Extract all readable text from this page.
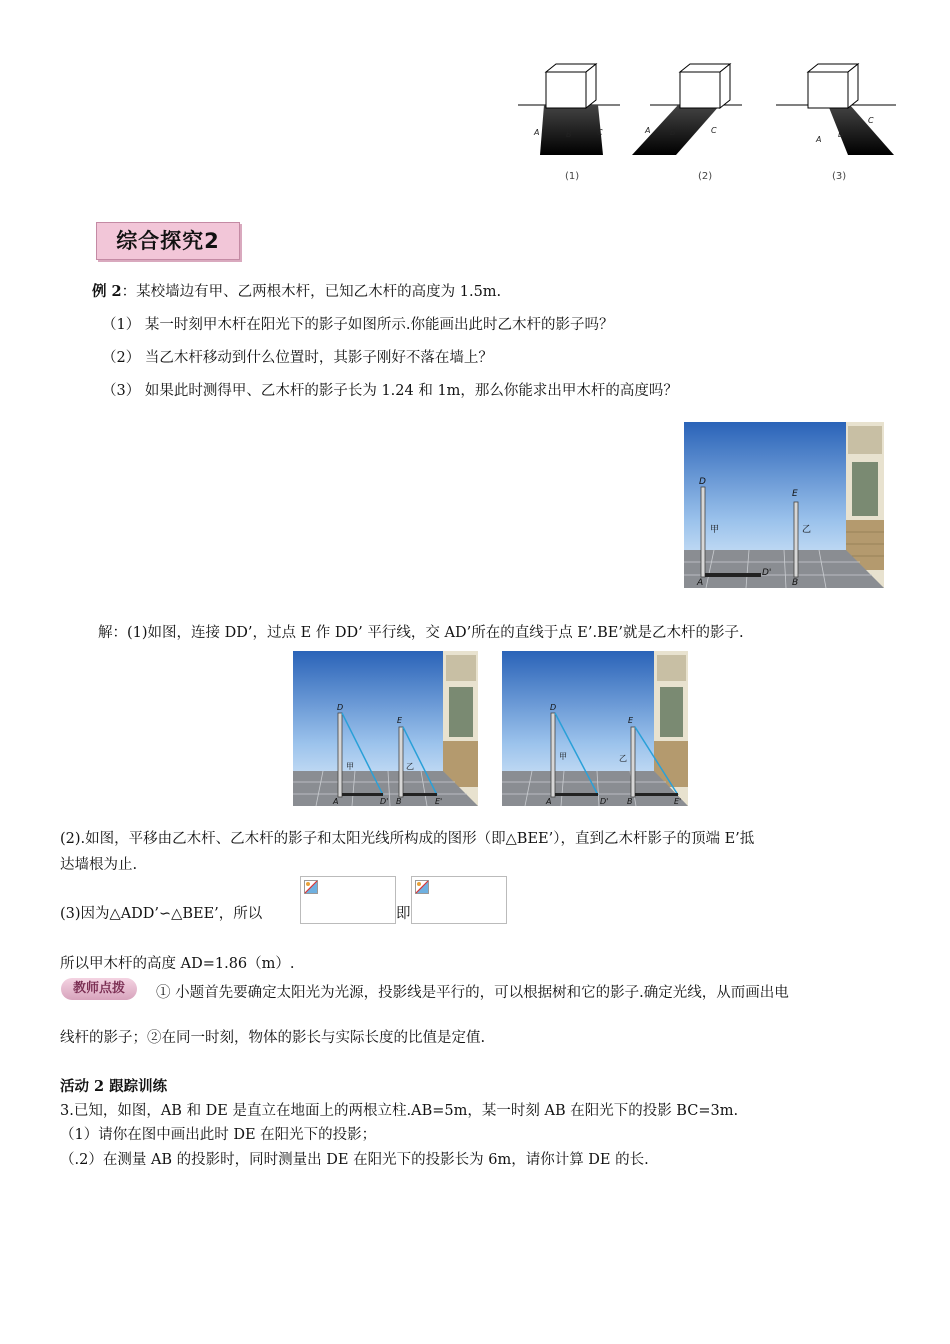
A	B	C	A B	C
A
B
C
(1)	(2)	(3)
综合探究2
例 2：某校墙边有甲、乙两根木杆，已知乙木杆的高度为 1.5m.
（1） 某一时刻甲木杆在阳光下的影子如图所示.你能画出此时乙木杆的影子吗？
（2） 当乙木杆移动到什么位置时，其影子刚好不落在墙上？
（3） 如果此时测得甲、乙木杆的影子长为 1.24 和 1m，那么你能求出甲木杆的高度吗？
D
E
A	B
D'
甲	乙
解：(1)如图，连接 DD’，过点 E 作 DD’ 平行线，交 AD’所在的直线于点 E’.BE’就是乙木杆的影子.
D
E
A	B
D'	E'
甲	乙
D
E
A	B
D'	E'
甲	乙
(2).如图，平移由乙木杆、乙木杆的影子和太阳光线所构成的图形（即△BEE’），直到乙木杆影子的顶端 E’抵
达墙根为止.
(3)因为△ADD’∽△BEE’，所以	即
所以甲木杆的高度 AD=1.86（m）.
教师点拨	① 小题首先要确定太阳光为光源，投影线是平行的，可以根据树和它的影子.确定光线，从而画出电
线杆的影子；②在同一时刻，物体的影长与实际长度的比值是定值.
活动 2 跟踪训练
3.已知，如图，AB 和 DE 是直立在地面上的两根立柱.AB=5m，某一时刻 AB 在阳光下的投影 BC=3m.
（1）请你在图中画出此时 DE 在阳光下的投影；
（.2）在测量 AB 的投影时，同时测量出 DE 在阳光下的投影长为 6m，请你计算 DE 的长.
